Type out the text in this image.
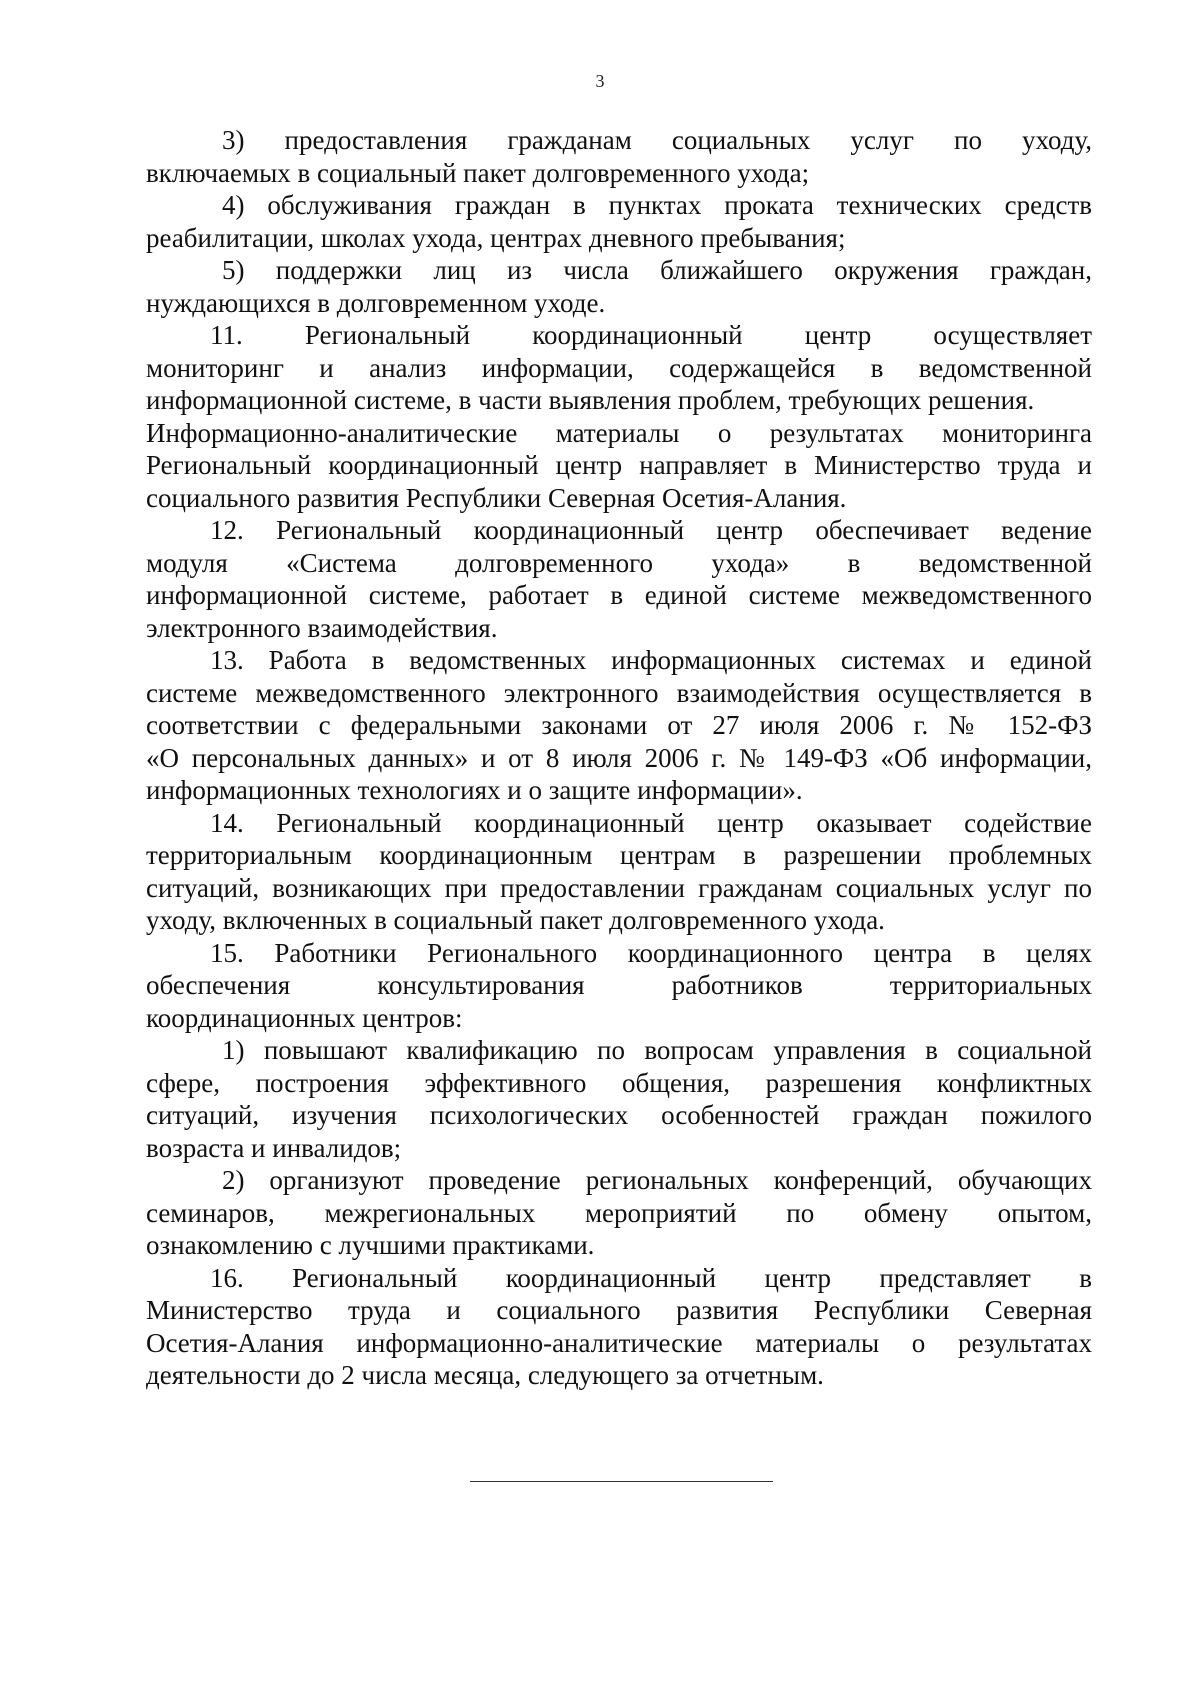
3
3) предоставления гражданам социальных услуг по уходу,
включаемых в социальный пакет долговременного ухода;
4) обслуживания граждан в пунктах проката технических средств
реабилитации, школах ухода, центрах дневного пребывания;
5) поддержки лиц из числа ближайшего окружения граждан,
нуждающихся в долговременном уходе.
11. Региональный координационный центр осуществляет
мониторинг и анализ информации, содержащейся в ведомственной
информационной системе, в части выявления проблем, требующих решения.
Информационно-аналитические материалы о результатах мониторинга
Региональный координационный центр направляет в Министерство труда и
социального развития Республики Северная Осетия-Алания.
12. Региональный координационный центр обеспечивает ведение
модуля «Система долговременного ухода» в ведомственной
информационной системе, работает в единой системе межведомственного
электронного взаимодействия.
13. Работа в ведомственных информационных системах и единой
системе межведомственного электронного взаимодействия осуществляется в
соответствии с федеральными законами от 27 июля 2006 г. № 152-ФЗ
«О персональных данных» и от 8 июля 2006 г. № 149-ФЗ «Об информации,
информационных технологиях и о защите информации».
14. Региональный координационный центр оказывает содействие
территориальным координационным центрам в разрешении проблемных
ситуаций, возникающих при предоставлении гражданам социальных услуг по
уходу, включенных в социальный пакет долговременного ухода.
15. Работники Регионального координационного центра в целях
обеспечения консультирования работников территориальных
координационных центров:
1) повышают квалификацию по вопросам управления в социальной
сфере, построения эффективного общения, разрешения конфликтных
ситуаций, изучения психологических особенностей граждан пожилого
возраста и инвалидов;
2) организуют проведение региональных конференций, обучающих
семинаров, межрегиональных мероприятий по обмену опытом,
ознакомлению с лучшими практиками.
16. Региональный координационный центр представляет в
Министерство труда и социального развития Республики Северная
Осетия-Алания информационно-аналитические материалы о результатах
деятельности до 2 числа месяца, следующего за отчетным.
